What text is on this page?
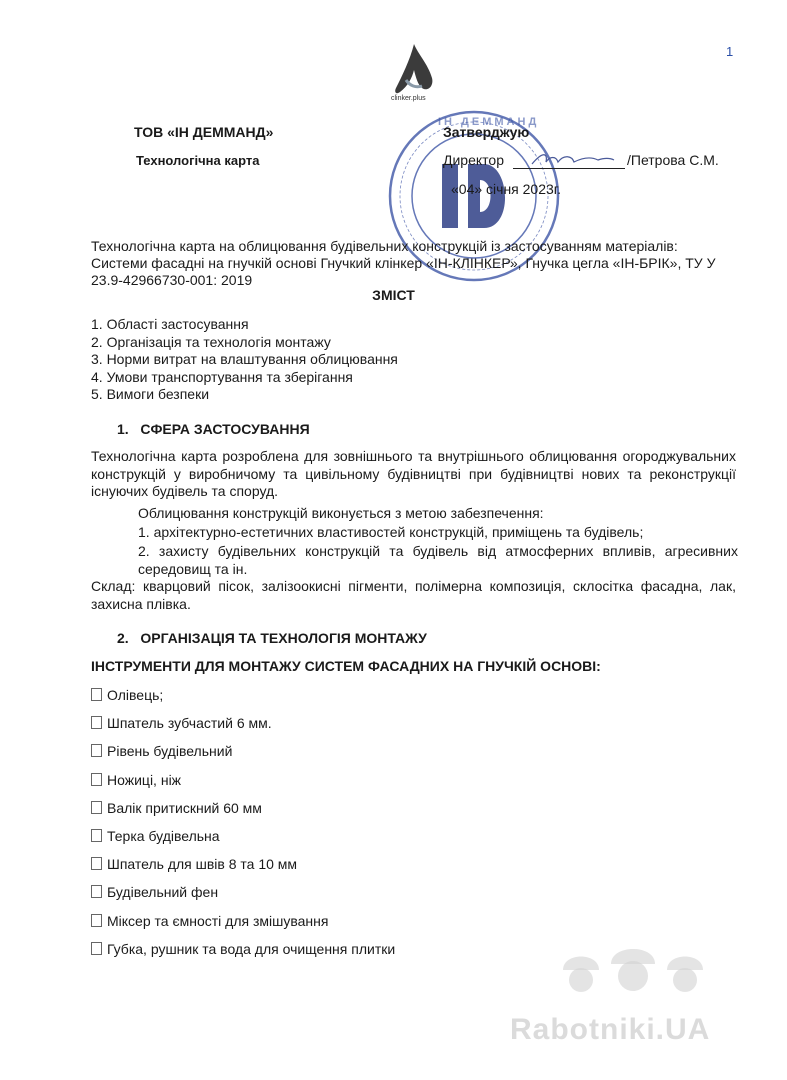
1
clinker.plus
ІН ДЕММАНД
ТОВ «ІН ДЕММАНД»
Технологічна карта
Затверджую
Директор	/Петрова С.М.
«04» січня 2023г.
Технологічна карта на облицювання будівельних конструкцій із застосуванням матеріалів: Системи фасадні на гнучкій основі Гнучкий клінкер «ІН-КЛІНКЕР», Гнучка цегла «ІН-БРІК», ТУ У 23.9-42966730-001: 2019
ЗМІСТ
1. Області застосування
2. Організація та технологія монтажу
3. Норми витрат на влаштування облицювання
4. Умови транспортування та зберігання
5. Вимоги безпеки
1.   СФЕРА ЗАСТОСУВАННЯ
Технологічна карта розроблена для зовнішнього та внутрішнього облицювання огороджувальних конструкцій у виробничому та цивільному будівництві при будівництві нових та реконструкції існуючих будівель та споруд.
Облицювання конструкцій виконується з метою забезпечення:
1. архітектурно-естетичних властивостей конструкцій, приміщень та будівель;
2. захисту будівельних конструкцій та будівель від атмосферних впливів, агресивних середовищ та ін.
Склад: кварцовий пісок, залізоокисні пігменти, полімерна композиція, склосітка фасадна, лак, захисна плівка.
2.   ОРГАНІЗАЦІЯ ТА ТЕХНОЛОГІЯ МОНТАЖУ
ІНСТРУМЕНТИ ДЛЯ МОНТАЖУ СИСТЕМ ФАСАДНИХ НА ГНУЧКІЙ ОСНОВІ:
Олівець;
Шпатель зубчастий 6 мм.
Рівень будівельний
Ножиці, ніж
Валік притискний 60 мм
Терка будівельна
Шпатель для швів 8 та 10 мм
Будівельний фен
Міксер та ємності для змішування
Губка, рушник та вода для очищення плитки
Rabotniki.UA
